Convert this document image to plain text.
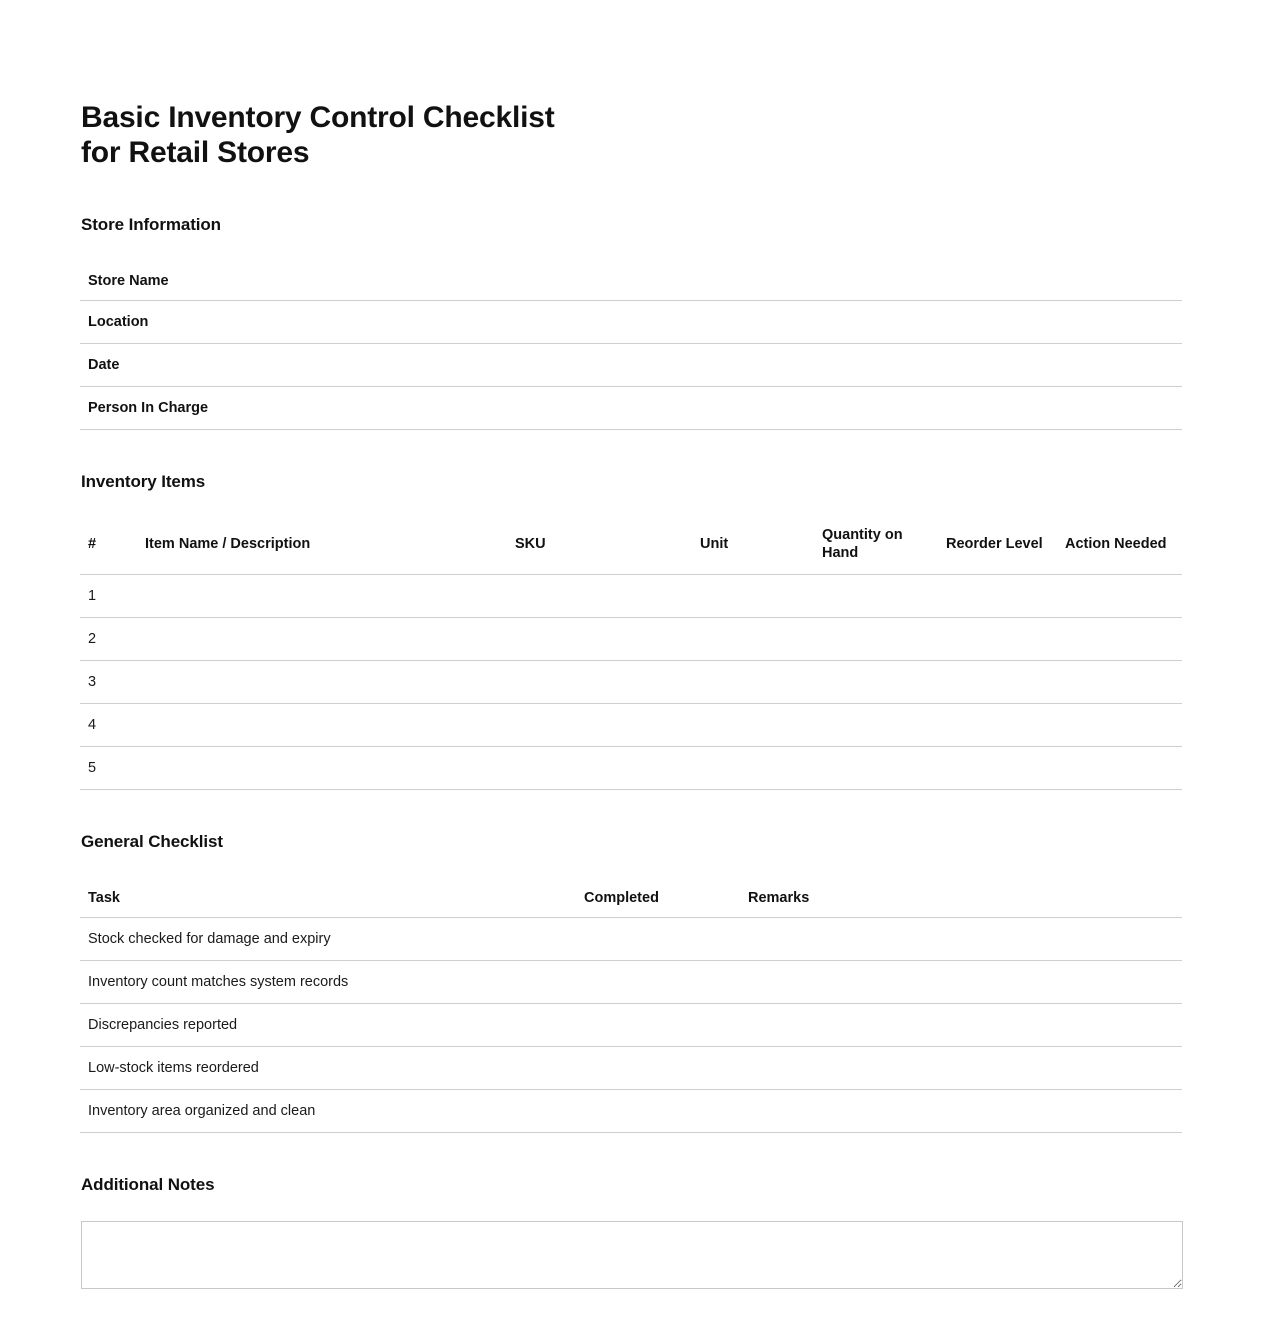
Basic Inventory Control Checklist
for Retail Stores
Store Information
Store Name	
Location	
Date	
Person In Charge	
Inventory Items
#	Item Name / Description	SKU	Unit	Quantity on Hand	Reorder Level	Action Needed
1						
2						
3						
4						
5						
General Checklist
Task	Completed	Remarks
Stock checked for damage and expiry		
Inventory count matches system records		
Discrepancies reported		
Low-stock items reordered		
Inventory area organized and clean		
Additional Notes
